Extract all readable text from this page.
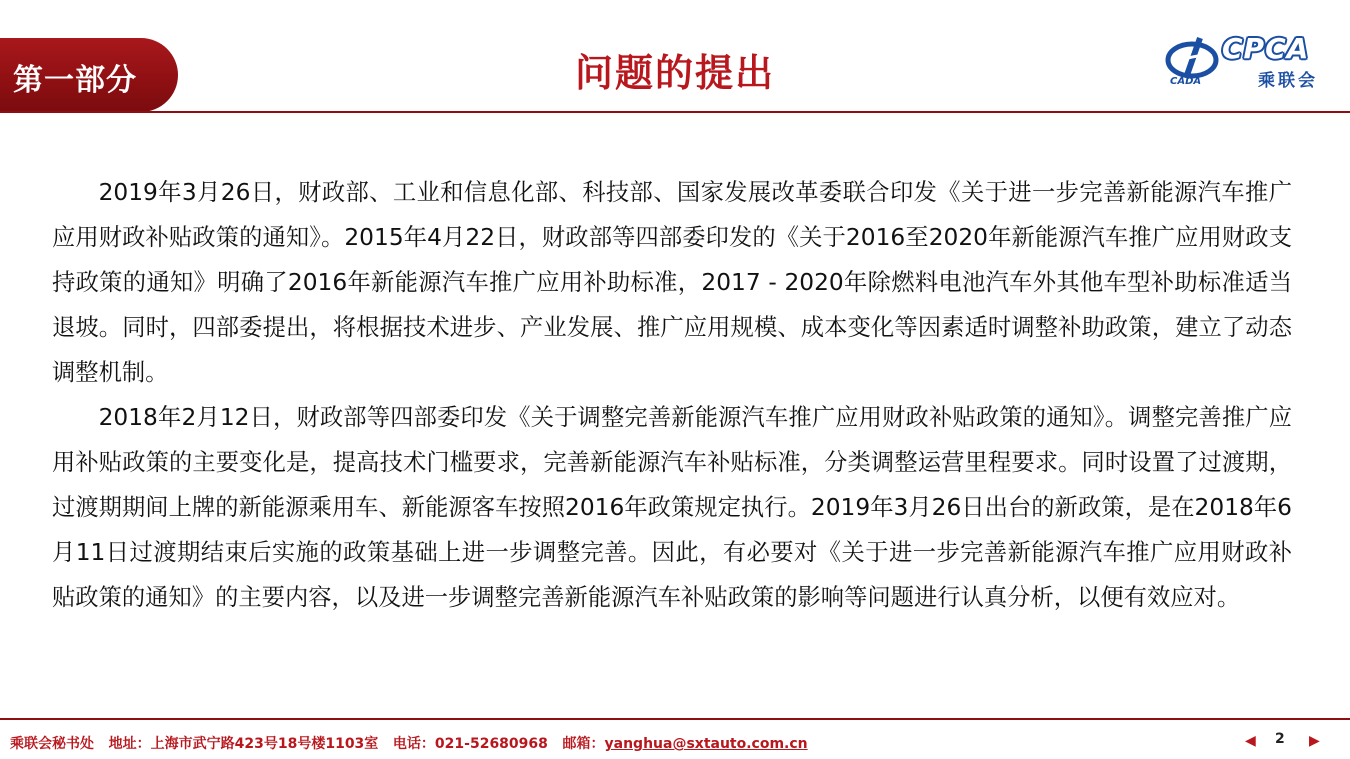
第一部分	问题的提出	CADA
CPCA
乘联会

2019年3月26日，财政部、工业和信息化部、科技部、国家发展改革委联合印发《关于进一步完善新能源汽车推广应用财政补贴政策的通知》。2015年4月22日，财政部等四部委印发的《关于2016至2020年新能源汽车推广应用财政支持政策的通知》明确了2016年新能源汽车推广应用补助标准，2017 - 2020年除燃料电池汽车外其他车型补助标准适当退坡。同时，四部委提出，将根据技术进步、产业发展、推广应用规模、成本变化等因素适时调整补助政策，建立了动态调整机制。

2018年2月12日，财政部等四部委印发《关于调整完善新能源汽车推广应用财政补贴政策的通知》。调整完善推广应用补贴政策的主要变化是，提高技术门槛要求，完善新能源汽车补贴标准，分类调整运营里程要求。同时设置了过渡期，过渡期期间上牌的新能源乘用车、新能源客车按照2016年政策规定执行。2019年3月26日出台的新政策，是在2018年6月11日过渡期结束后实施的政策基础上进一步调整完善。因此，有必要对《关于进一步完善新能源汽车推广应用财政补贴政策的通知》的主要内容，以及进一步调整完善新能源汽车补贴政策的影响等问题进行认真分析，以便有效应对。

乘联会秘书处 地址：上海市武宁路423号18号楼1103室 电话：021-52680968 邮箱：yanghua@sxtauto.com.cn	◀ 2 ▶
